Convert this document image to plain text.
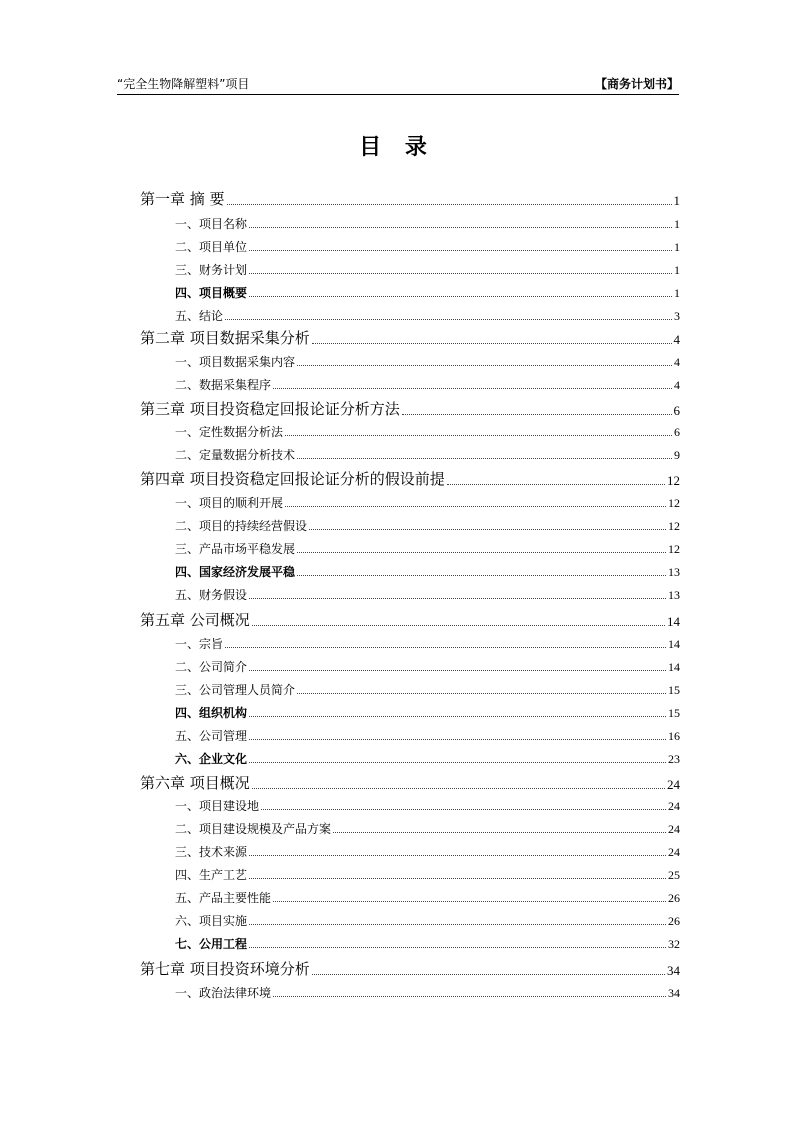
“完全生物降解塑料”项目	【商务计划书】
目 录
第一章 摘 要	1
一、项目名称	1
二、项目单位	1
三、财务计划	1
四、项目概要	1
五、结论	3
第二章 项目数据采集分析	4
一、项目数据采集内容	4
二、数据采集程序	4
第三章 项目投资稳定回报论证分析方法	6
一、定性数据分析法	6
二、定量数据分析技术	9
第四章 项目投资稳定回报论证分析的假设前提	12
一、项目的顺利开展	12
二、项目的持续经营假设	12
三、产品市场平稳发展	12
四、国家经济发展平稳	13
五、财务假设	13
第五章 公司概况	14
一、宗旨	14
二、公司简介	14
三、公司管理人员简介	15
四、组织机构	15
五、公司管理	16
六、企业文化	23
第六章 项目概况	24
一、项目建设地	24
二、项目建设规模及产品方案	24
三、技术来源	24
四、生产工艺	25
五、产品主要性能	26
六、项目实施	26
七、公用工程	32
第七章 项目投资环境分析	34
一、政治法律环境	34
